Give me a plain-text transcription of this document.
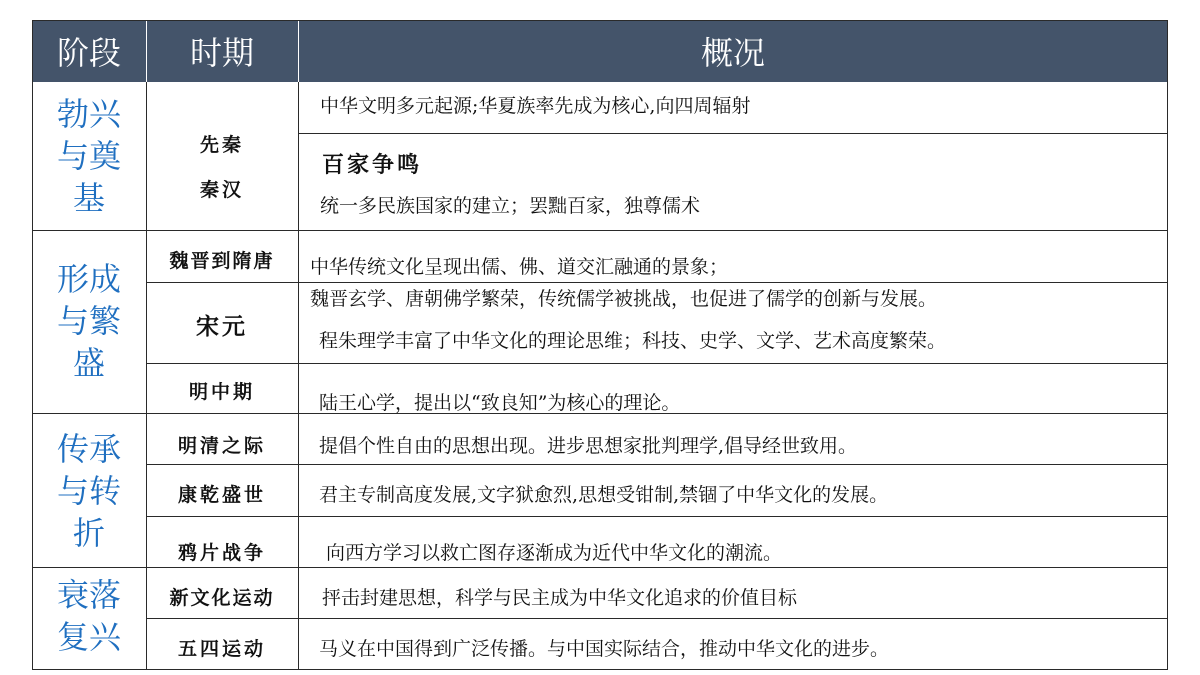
阶段	时期	概况
勃兴
与奠
基
形成
与繁
盛
传承
与转
折
衰落
复兴
先秦
秦汉
魏晋到隋唐
宋元
明中期
明清之际
康乾盛世
鸦片战争
新文化运动
五四运动
中华文明多元起源;华夏族率先成为核心,向四周辐射
百家争鸣
统一多民族国家的建立；罢黜百家，独尊儒术
中华传统文化呈现出儒、佛、道交汇融通的景象；
魏晋玄学、唐朝佛学繁荣，传统儒学被挑战，也促进了儒学的创新与发展。
程朱理学丰富了中华文化的理论思维；科技、史学、文学、艺术高度繁荣。
陆王心学，提出以“致良知”为核心的理论。
提倡个性自由的思想出现。进步思想家批判理学,倡导经世致用。
君主专制高度发展,文字狱愈烈,思想受钳制,禁锢了中华文化的发展。
向西方学习以救亡图存逐渐成为近代中华文化的潮流。
抨击封建思想，科学与民主成为中华文化追求的价值目标
马义在中国得到广泛传播。与中国实际结合，推动中华文化的进步。
